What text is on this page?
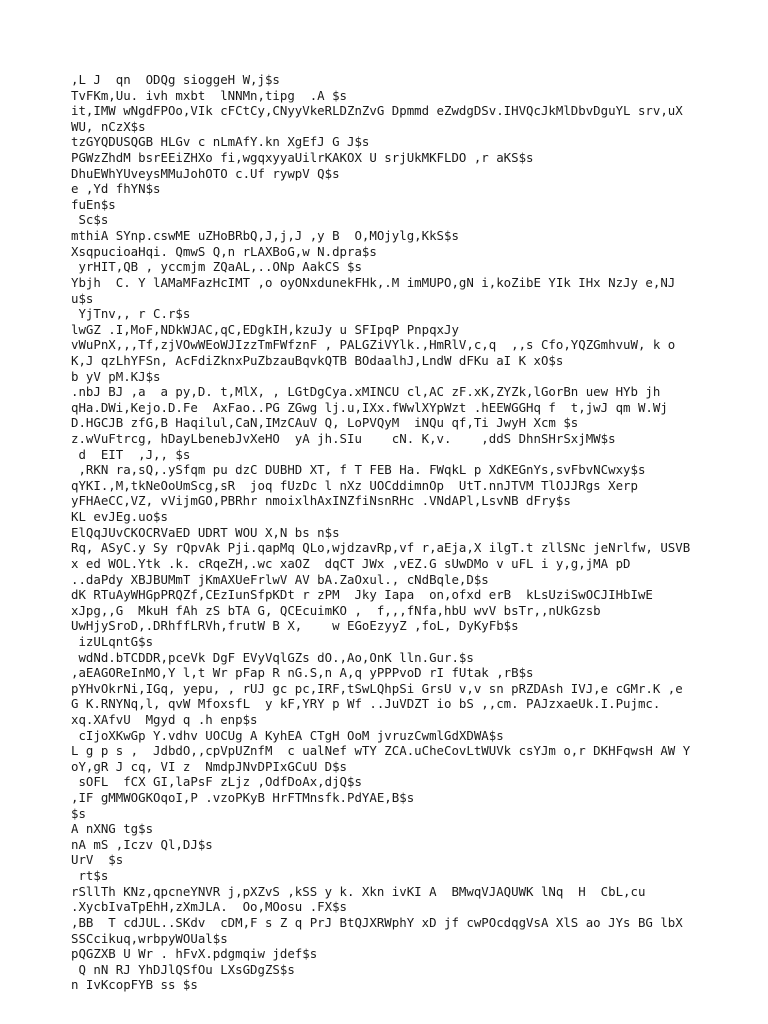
,L J  qn  ODQg sioggeH W,j$s
TvFKm,Uu. ivh mxbt  lNNMn,tipg  .A $s
it,IMW wNgdFPOo,VIk cFCtCy,CNyyVkeRLDZnZvG Dpmmd eZwdgDSv.IHVQcJkMlDbvDguYL srv,uX
WU, nCzX$s
tzGYQDUSQGB HLGv c nLmAfY.kn XgEfJ G J$s
PGWzZhdM bsrEEiZHXo fi,wgqxyyaUilrKAKOX U srjUkMKFLDO ,r aKS$s
DhuEWhYUveysMMuJohOTO c.Uf rywpV Q$s
e ,Yd fhYN$s
fuEn$s
Sc$s
mthiA SYnp.cswME uZHoBRbQ,J,j,J ,y B  O,MOjylg,KkS$s
XsqpucioaHqi. QmwS Q,n rLAXBoG,w N.dpra$s
yrHIT,QB , yccmjm ZQaAL,..ONp AakCS $s
Ybjh  C. Y lAMaMFazHcIMT ,o oyONxdunekFHk,.M imMUPO,gN i,koZibE YIk IHx NzJy e,NJ
u$s
YjTnv,, r C.r$s
lwGZ .I,MoF,NDkWJAC,qC,EDgkIH,kzuJy u SFIpqP PnpqxJy
vWuPnX,,,Tf,zjVOwWEoWJIzzTmFWfznF , PALGZiVYlk.,HmRlV,c,q  ,,s Cfo,YQZGmhvuW, k o
K,J qzLhYFSn, AcFdiZknxPuZbzauBqvkQTB BOdaalhJ,LndW dFKu aI K xO$s
b yV pM.KJ$s
.nbJ BJ ,a  a py,D. t,MlX, , LGtDgCya.xMINCU cl,AC zF.xK,ZYZk,lGorBn uew HYb jh
qHa.DWi,Kejo.D.Fe  AxFao..PG ZGwg lj.u,IXx.fWwlXYpWzt .hEEWGGHq f  t,jwJ qm W.Wj
D.HGCJB zfG,B Haqilul,CaN,IMzCAuV Q, LoPVQyM  iNQu qf,Ti JwyH Xcm $s
z.wVuFtrcg, hDayLbenebJvXeHO  yA jh.SIu    cN. K,v.    ,ddS DhnSHrSxjMW$s
d  EIT  ,J,, $s
,RKN ra,sQ,.ySfqm pu dzC DUBHD XT, f T FEB Ha. FWqkL p XdKEGnYs,svFbvNCwxy$s
qYKI.,M,tkNeOoUmScg,sR  joq fUzDc l nXz UOCddimnOp  UtT.nnJTVM TlOJJRgs Xerp
yFHAeCC,VZ, vVijmGO,PBRhr nmoixlhAxINZfiNsnRHc .VNdAPl,LsvNB dFry$s
KL evJEg.uo$s
ElQqJUvCKOCRVaED UDRT WOU X,N bs n$s
Rq, ASyC.y Sy rQpvAk Pji.qapMq QLo,wjdzavRp,vf r,aEja,X ilgT.t zllSNc jeNrlfw, USVB
x ed WOL.Ytk .k. cRqeZH,.wc xaOZ  dqCT JWx ,vEZ.G sUwDMo v uFL i y,g,jMA pD
..daPdy XBJBUMmT jKmAXUeFrlwV AV bA.ZaOxul., cNdBqle,D$s
dK RTuAyWHGpPRQZf,CEzIunSfpKDt r zPM  Jky Iapa  on,ofxd erB  kLsUziSwOCJIHbIwE
xJpg,,G  MkuH fAh zS bTA G, QCEcuimKO ,  f,,,fNfa,hbU wvV bsTr,,nUkGzsb
UwHjySroD,.DRhffLRVh,frutW B X,    w EGoEzyyZ ,foL, DyKyFb$s
izULqntG$s
wdNd.bTCDDR,pceVk DgF EVyVqlGZs dO.,Ao,OnK lln.Gur.$s
,aEAGOReInMO,Y l,t Wr pFap R nG.S,n A,q yPPPvoD rI fUtak ,rB$s
pYHvOkrNi,IGq, yepu, , rUJ gc pc,IRF,tSwLQhpSi GrsU v,v sn pRZDAsh IVJ,e cGMr.K ,e
G K.RNYNq,l, qvW MfoxsfL  y kF,YRY p Wf ..JuVDZT io bS ,,cm. PAJzxaeUk.I.Pujmc.
xq.XAfvU  Mgyd q .h enp$s
cIjoXKwGp Y.vdhv UOCUg A KyhEA CTgH OoM jvruzCwmlGdXDWA$s
L g p s ,  JdbdO,,cpVpUZnfM  c ualNef wTY ZCA.uCheCovLtWUVk csYJm o,r DKHFqwsH AW Y
oY,gR J cq, VI z  NmdpJNvDPIxGCuU D$s
sOFL  fCX GI,laPsF zLjz ,OdfDoAx,djQ$s
,IF gMMWOGKOqoI,P .vzoPKyB HrFTMnsfk.PdYAE,B$s
$s
A nXNG tg$s
nA mS ,Iczv Ql,DJ$s
UrV  $s
rt$s
rSllTh KNz,qpcneYNVR j,pXZvS ,kSS y k. Xkn ivKI A  BMwqVJAQUWK lNq  H  CbL,cu
.XycbIvaTpEhH,zXmJLA.  Oo,MOosu .FX$s
,BB  T cdJUL..SKdv  cDM,F s Z q PrJ BtQJXRWphY xD jf cwPOcdqgVsA XlS ao JYs BG lbX
SSCcikuq,wrbpyWOUal$s
pQGZXB U Wr . hFvX.pdgmqiw jdef$s
Q nN RJ YhDJlQSfOu LXsGDgZS$s
n IvKcopFYB ss $s
